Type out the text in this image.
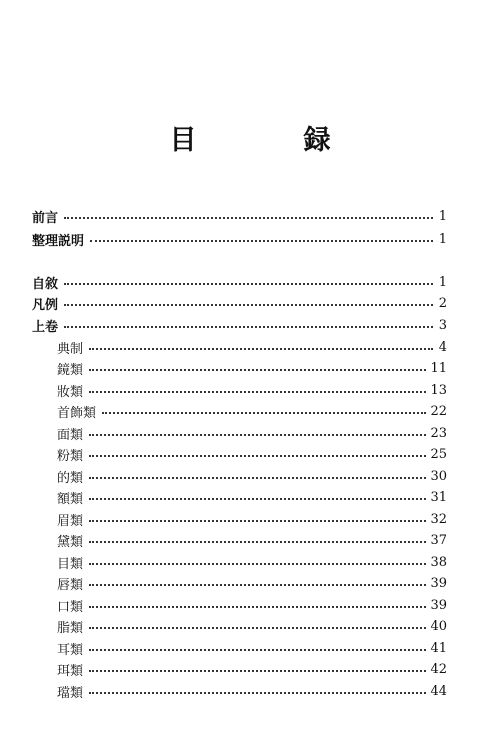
目　録
前言	1
整理説明	1
自敘	1
凡例	2
上卷	3
典制	4
鏡類	11
妝類	13
首飾類	22
面類	23
粉類	25
的類	30
額類	31
眉類	32
黛類	37
目類	38
唇類	39
口類	39
脂類	40
耳類	41
珥類	42
璫類	44
